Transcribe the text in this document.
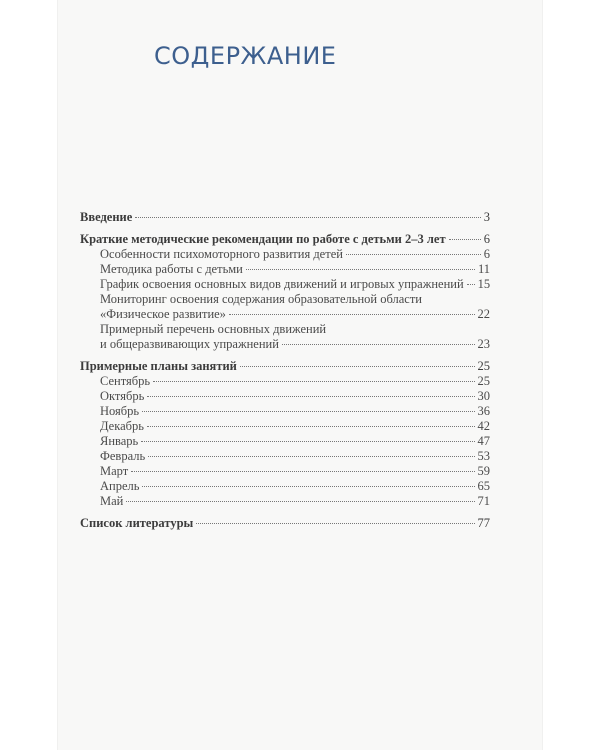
СОДЕРЖАНИЕ
Введение	3
Краткие методические рекомендации по работе с детьми 2–3 лет	6
Особенности психомоторного развития детей	6
Методика работы с детьми	11
График освоения основных видов движений и игровых упражнений 15
Мониторинг освоения содержания образовательной области
«Физическое развитие»	22
Примерный перечень основных движений
и общеразвивающих упражнений	23
Примерные планы занятий	25
Сентябрь	25
Октябрь	30
Ноябрь	36
Декабрь	42
Январь	47
Февраль	53
Март	59
Апрель	65
Май	71
Список литературы	77
